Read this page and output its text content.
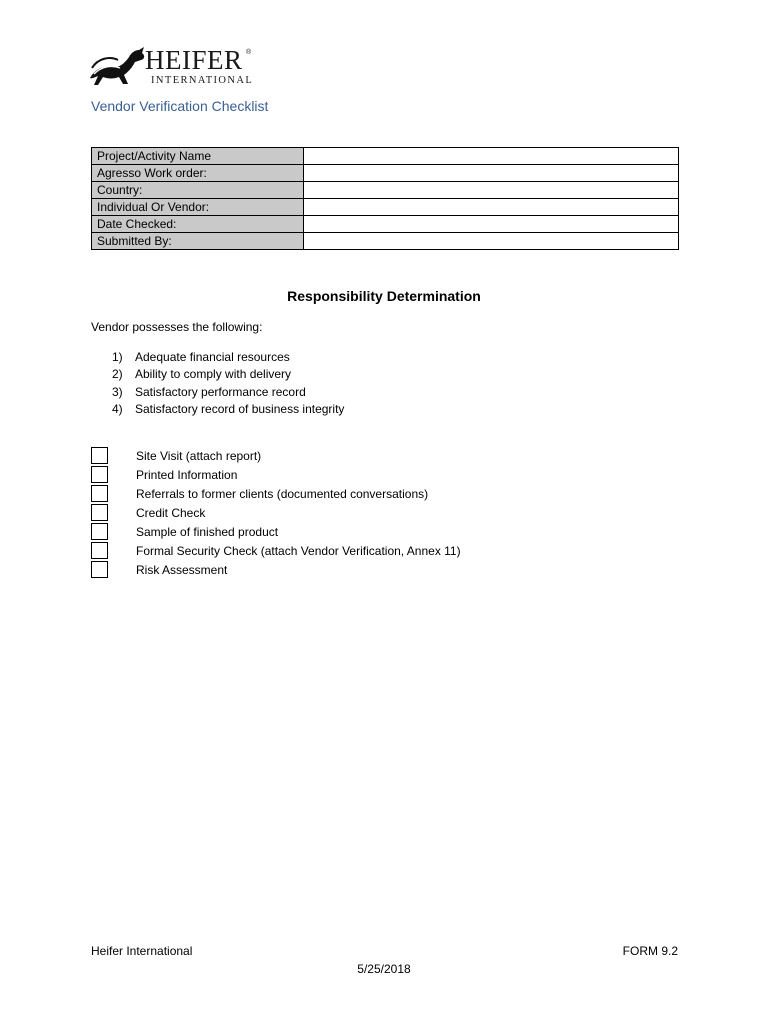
HEIFER ®
INTERNATIONAL
Vendor Verification Checklist
Project/Activity Name	
Agresso Work order:	
Country:	
Individual Or Vendor:	
Date Checked:	
Submitted By:	
Responsibility Determination
Vendor possesses the following:
1)	Adequate financial resources
2)	Ability to comply with delivery
3)	Satisfactory performance record
4)	Satisfactory record of business integrity
Site Visit (attach report)
Printed Information
Referrals to former clients (documented conversations)
Credit Check
Sample of finished product
Formal Security Check (attach Vendor Verification, Annex 11)
Risk Assessment
Heifer International	FORM 9.2
5/25/2018
